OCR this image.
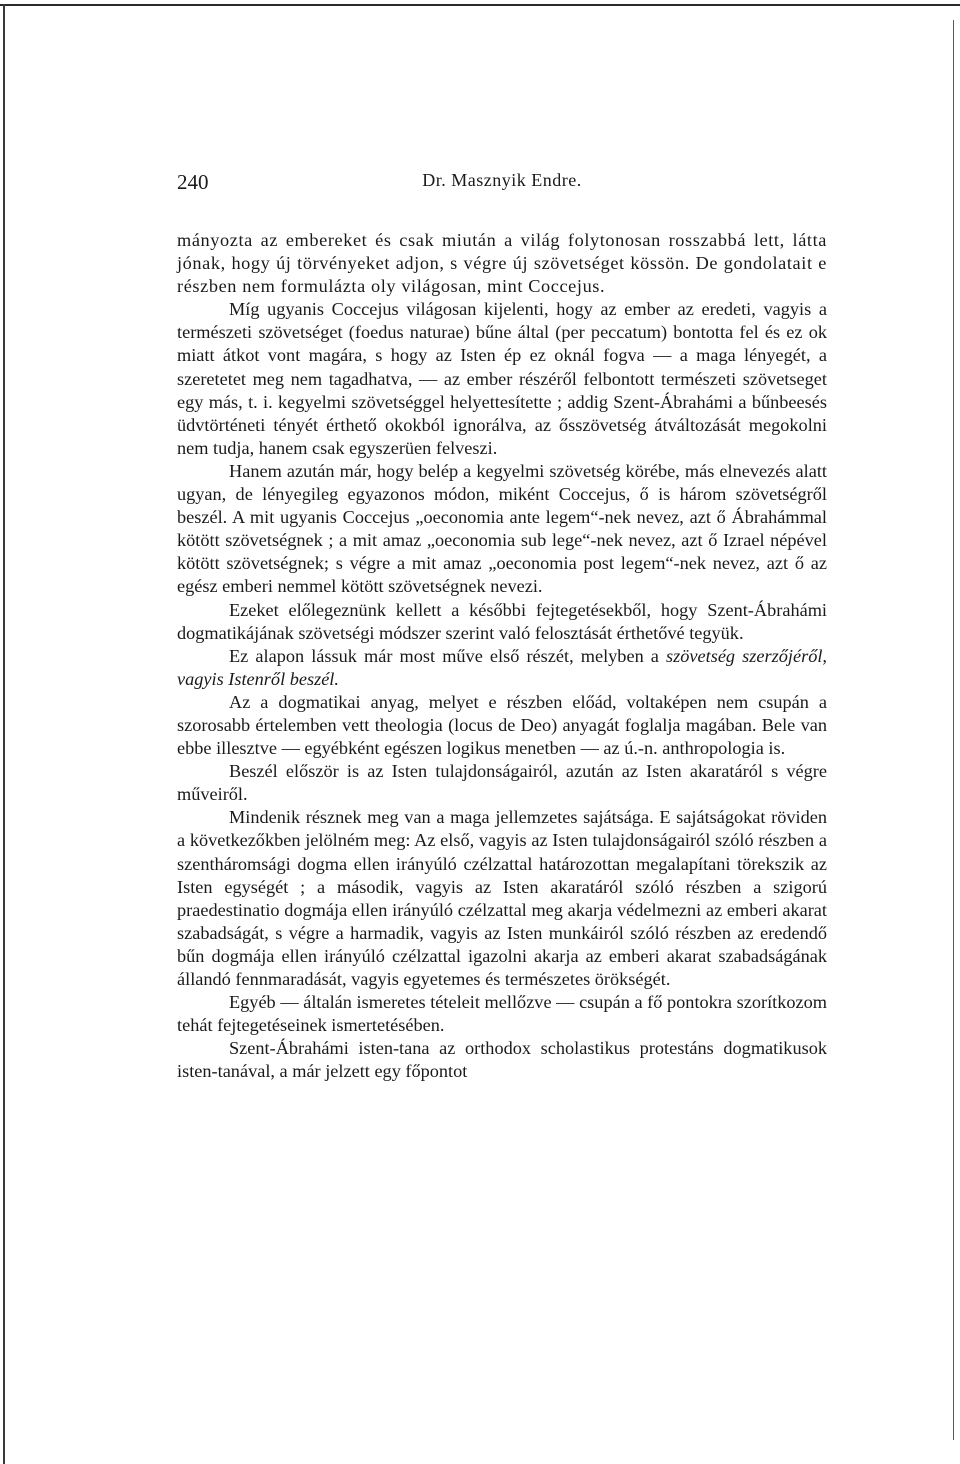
240	Dr. Masznyik Endre.

mányozta az embereket és csak miután a világ folytonosan rosszabbá lett, látta jónak, hogy új törvényeket adjon, s végre új szövetséget kössön. De gondolatait e részben nem formulázta oly világosan, mint Coccejus.

Míg ugyanis Coccejus világosan kijelenti, hogy az ember az eredeti, vagyis a természeti szövetséget (foedus naturae) bűne által (per peccatum) bontotta fel és ez ok miatt átkot vont magára, s hogy az Isten ép ez oknál fogva — a maga lényegét, a szeretetet meg nem tagadhatva, — az ember részéről felbontott természeti szövetseget egy más, t. i. kegyelmi szövetséggel helyettesítette ; addig Szent-Ábrahámi a bűnbeesés üdvtörténeti tényét érthető okokból ignorálva, az ősszövetség átváltozását megokolni nem tudja, hanem csak egyszerüen felveszi.

Hanem azután már, hogy belép a kegyelmi szövetség körébe, más elnevezés alatt ugyan, de lényegileg egyazonos módon, miként Coccejus, ő is három szövetségről beszél. A mit ugyanis Coccejus „oeconomia ante legem“-nek nevez, azt ő Ábrahámmal kötött szövetségnek ; a mit amaz „oeconomia sub lege“-nek nevez, azt ő Izrael népével kötött szövetségnek; s végre a mit amaz „oeconomia post legem“-nek nevez, azt ő az egész emberi nemmel kötött szövetségnek nevezi.

Ezeket előlegeznünk kellett a későbbi fejtegetésekből, hogy Szent-Ábrahámi dogmatikájának szövetségi módszer szerint való felosztását érthetővé tegyük.

Ez alapon lássuk már most műve első részét, melyben a szövetség szerzőjéről, vagyis Istenről beszél.

Az a dogmatikai anyag, melyet e részben előád, voltaképen nem csupán a szorosabb értelemben vett theologia (locus de Deo) anyagát foglalja magában. Bele van ebbe illesztve — egyébként egészen logikus menetben — az ú.-n. anthropologia is.

Beszél először is az Isten tulajdonságairól, azután az Isten akaratáról s végre műveiről.

Mindenik résznek meg van a maga jellemzetes sajátsága. E sajátságokat röviden a következőkben jelölném meg: Az első, vagyis az Isten tulajdonságairól szóló részben a szentháromsági dogma ellen irányúló czélzattal határozottan megalapítani törekszik az Isten egységét ; a második, vagyis az Isten akaratáról szóló részben a szigorú praedestinatio dogmája ellen irányúló czélzattal meg akarja védelmezni az emberi akarat szabadságát, s végre a harmadik, vagyis az Isten munkáiról szóló részben az eredendő bűn dogmája ellen irányúló czélzattal igazolni akarja az emberi akarat szabadságának állandó fennmaradását, vagyis egyetemes és természetes örökségét.

Egyéb — általán ismeretes tételeit mellőzve — csupán a fő pontokra szorítkozom tehát fejtegetéseinek ismertetésében.

Szent-Ábrahámi isten-tana az orthodox scholastikus protestáns dogmatikusok isten-tanával, a már jelzett egy főpontot
